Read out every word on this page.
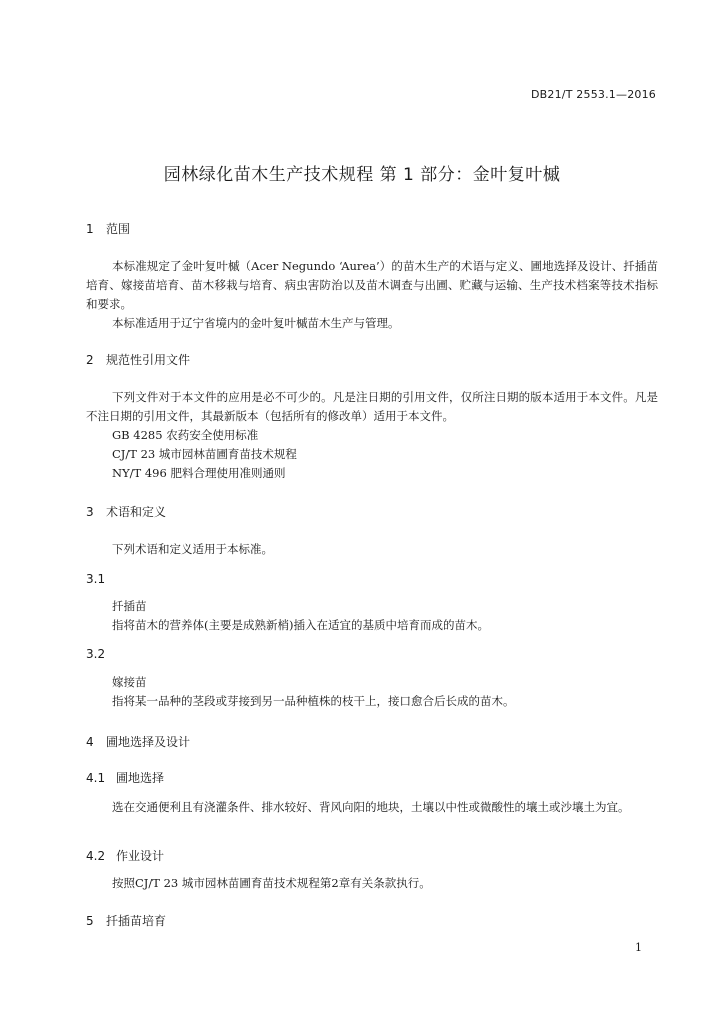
DB21/T 2553.1—2016
园林绿化苗木生产技术规程 第 1 部分：金叶复叶槭
1 范围
本标准规定了金叶复叶槭（Acer Negundo ‘Aurea’）的苗木生产的术语与定义、圃地选择及设计、扦插苗培育、嫁接苗培育、苗木移栽与培育、病虫害防治以及苗木调查与出圃、贮藏与运输、生产技术档案等技术指标和要求。
本标准适用于辽宁省境内的金叶复叶槭苗木生产与管理。
2 规范性引用文件
下列文件对于本文件的应用是必不可少的。凡是注日期的引用文件，仅所注日期的版本适用于本文件。凡是不注日期的引用文件，其最新版本（包括所有的修改单）适用于本文件。
GB 4285 农药安全使用标准
CJ/T 23 城市园林苗圃育苗技术规程
NY/T 496 肥料合理使用准则通则
3 术语和定义
下列术语和定义适用于本标准。
3.1
扦插苗
指将苗木的营养体(主要是成熟新梢)插入在适宜的基质中培育而成的苗木。
3.2
嫁接苗
指将某一品种的茎段或芽接到另一品种植株的枝干上，接口愈合后长成的苗木。
4 圃地选择及设计
4.1 圃地选择
选在交通便利且有浇灌条件、排水较好、背风向阳的地块，土壤以中性或微酸性的壤土或沙壤土为宜。
4.2 作业设计
按照CJ/T 23 城市园林苗圃育苗技术规程第2章有关条款执行。
5 扦插苗培育
1
